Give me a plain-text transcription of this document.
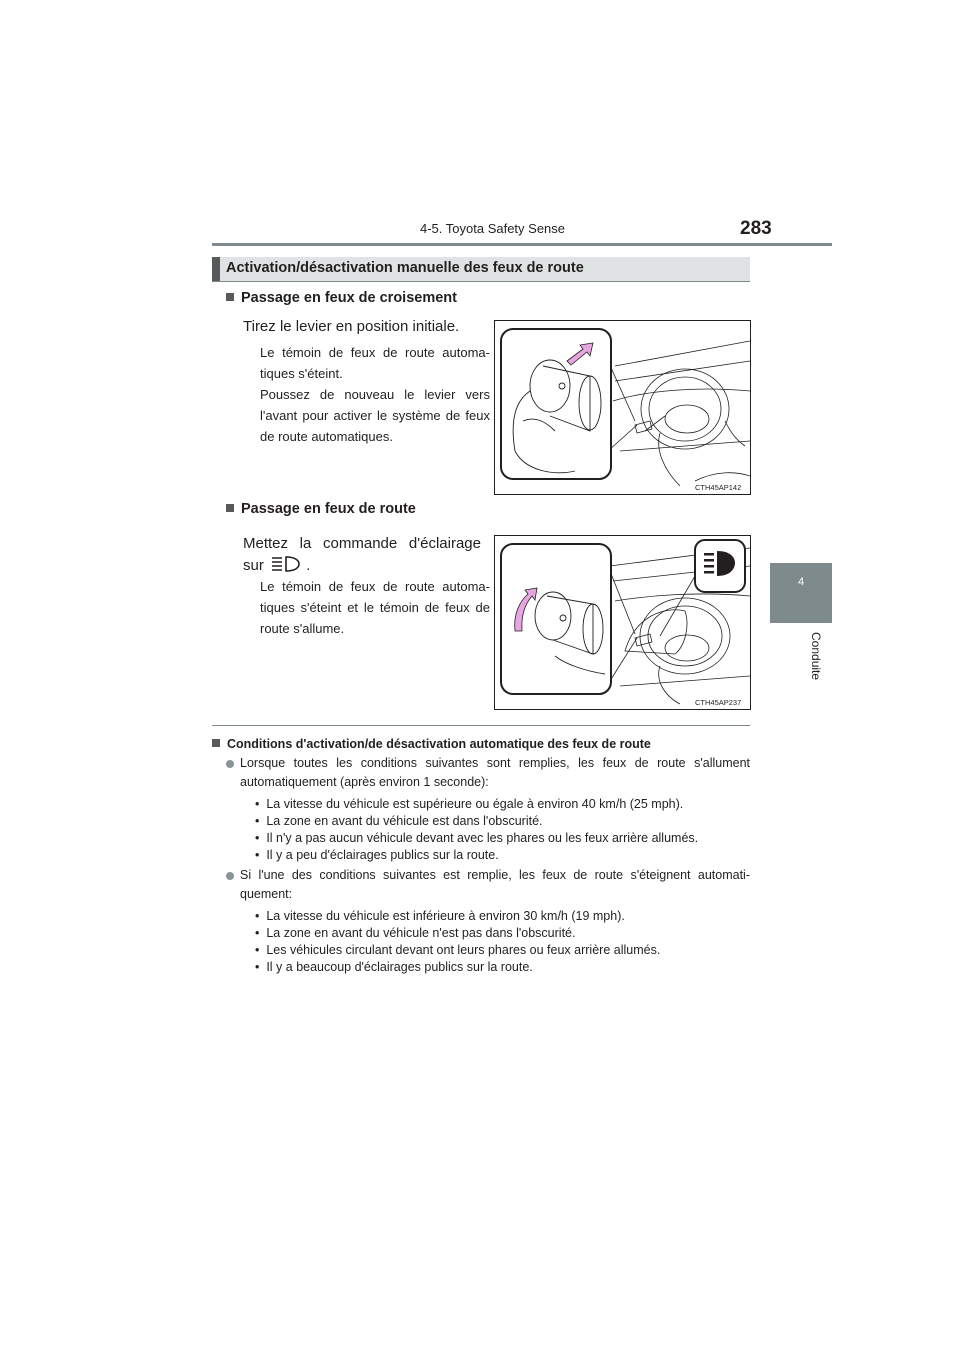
4-5. Toyota Safety Sense	283
4
Conduite
Activation/désactivation manuelle des feux de route
Passage en feux de croisement
Tirez le levier en position initiale.
Le témoin de feux de route automa-tiques s'éteint.
Poussez de nouveau le levier vers l'avant pour activer le système de feux de route automatiques.
CTH45AP142
Passage en feux de route
Mettez la commande d'éclairage sur	.
Le témoin de feux de route automa-tiques s'éteint et le témoin de feux de route s'allume.
CTH45AP237
Conditions d'activation/de désactivation automatique des feux de route
Lorsque toutes les conditions suivantes sont remplies, les feux de route s'allument automatiquement (après environ 1 seconde):
•  La vitesse du véhicule est supérieure ou égale à environ 40 km/h (25 mph).
•  La zone en avant du véhicule est dans l'obscurité.
•  Il n'y a pas aucun véhicule devant avec les phares ou les feux arrière allumés.
•  Il y a peu d'éclairages publics sur la route.
Si l'une des conditions suivantes est remplie, les feux de route s'éteignent automati-quement:
•  La vitesse du véhicule est inférieure à environ 30 km/h (19 mph).
•  La zone en avant du véhicule n'est pas dans l'obscurité.
•  Les véhicules circulant devant ont leurs phares ou feux arrière allumés.
•  Il y a beaucoup d'éclairages publics sur la route.
